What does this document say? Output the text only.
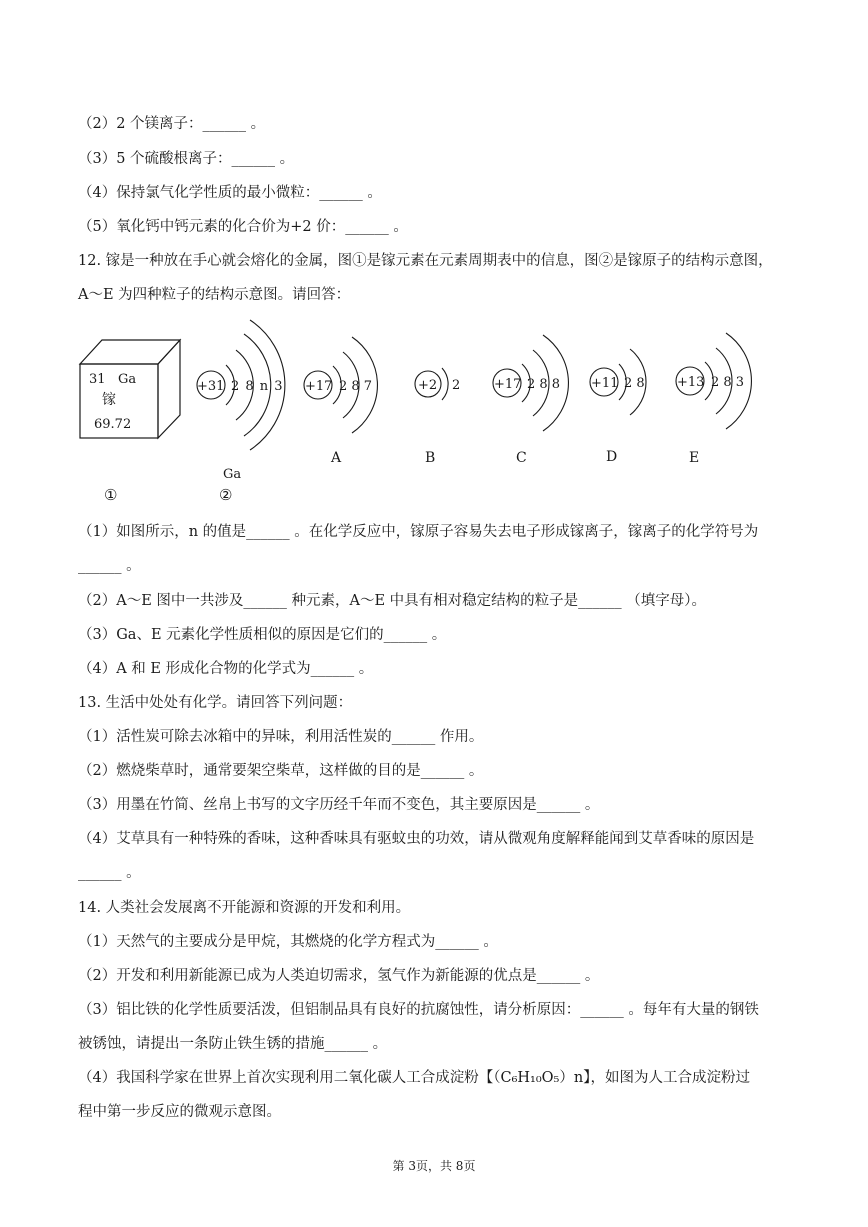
（2）2 个镁离子：______ 。
（3）5 个硫酸根离子：______ 。
（4）保持氯气化学性质的最小微粒：______ 。
（5）氧化钙中钙元素的化合价为+2 价：______ 。
12. 镓是一种放在手心就会熔化的金属，图①是镓元素在元素周期表中的信息，图②是镓原子的结构示意图，
A～E 为四种粒子的结构示意图。请回答：
31 Ga
镓
69.72
+31 2 8 n 3
Ga
①	②
+17 2 8 7
A
+2 2
B
+17 2 8 8
C
+11 2 8
D
+13 2 8 3
E
（1）如图所示，n 的值是______ 。在化学反应中，镓原子容易失去电子形成镓离子，镓离子的化学符号为
______ 。
（2）A～E 图中一共涉及______ 种元素，A～E 中具有相对稳定结构的粒子是______ （填字母）。
（3）Ga、E 元素化学性质相似的原因是它们的______ 。
（4）A 和 E 形成化合物的化学式为______ 。
13. 生活中处处有化学。请回答下列问题：
（1）活性炭可除去冰箱中的异味，利用活性炭的______ 作用。
（2）燃烧柴草时，通常要架空柴草，这样做的目的是______ 。
（3）用墨在竹简、丝帛上书写的文字历经千年而不变色，其主要原因是______ 。
（4）艾草具有一种特殊的香味，这种香味具有驱蚊虫的功效，请从微观角度解释能闻到艾草香味的原因是
______ 。
14. 人类社会发展离不开能源和资源的开发和利用。
（1）天然气的主要成分是甲烷，其燃烧的化学方程式为______ 。
（2）开发和利用新能源已成为人类迫切需求，氢气作为新能源的优点是______ 。
（3）铝比铁的化学性质要活泼，但铝制品具有良好的抗腐蚀性，请分析原因：______ 。每年有大量的钢铁
被锈蚀，请提出一条防止铁生锈的措施______ 。
（4）我国科学家在世界上首次实现利用二氧化碳人工合成淀粉【（C₆H₁₀O₅）n】，如图为人工合成淀粉过
程中第一步反应的微观示意图。
第 3页，共 8页
